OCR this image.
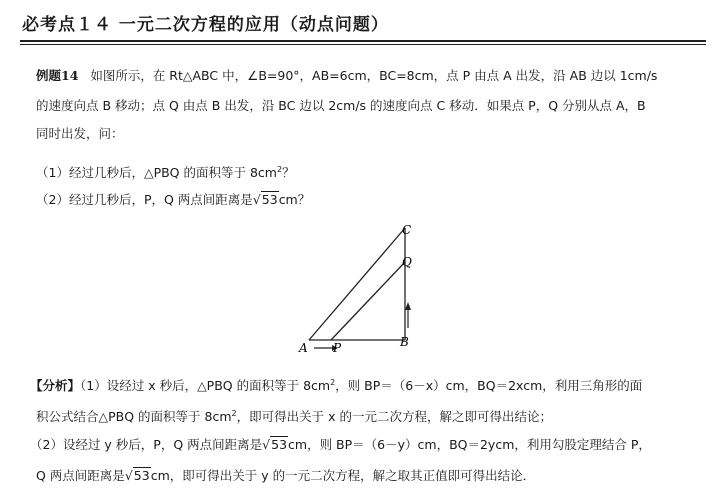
必考点１４ 一元二次方程的应用（动点问题）
例题14 如图所示，在 Rt△ABC 中，∠B=90°，AB=6cm，BC=8cm，点 P 由点 A 出发，沿 AB 边以 1cm/s
的速度向点 B 移动；点 Q 由点 B 出发，沿 BC 边以 2cm/s 的速度向点 C 移动．如果点 P，Q 分别从点 A，B
同时出发，问：
（1）经过几秒后，△PBQ 的面积等于 $8cm^2$？
（2）经过几秒后，P，Q 两点间距离是√53cm？
A P	B
C
Q
【分析】（1）设经过 x 秒后，△PBQ 的面积等于 $8cm^2$，则 BP＝（6－x）cm，BQ＝2xcm，利用三角形的面
积公式结合△PBQ 的面积等于 $8cm^2$，即可得出关于 x 的一元二次方程，解之即可得出结论；
（2）设经过 y 秒后，P，Q 两点间距离是√53cm，则 BP＝（6－y）cm，BQ＝2ycm，利用勾股定理结合 P，
Q 两点间距离是√53cm，即可得出关于 y 的一元二次方程，解之取其正值即可得出结论．
